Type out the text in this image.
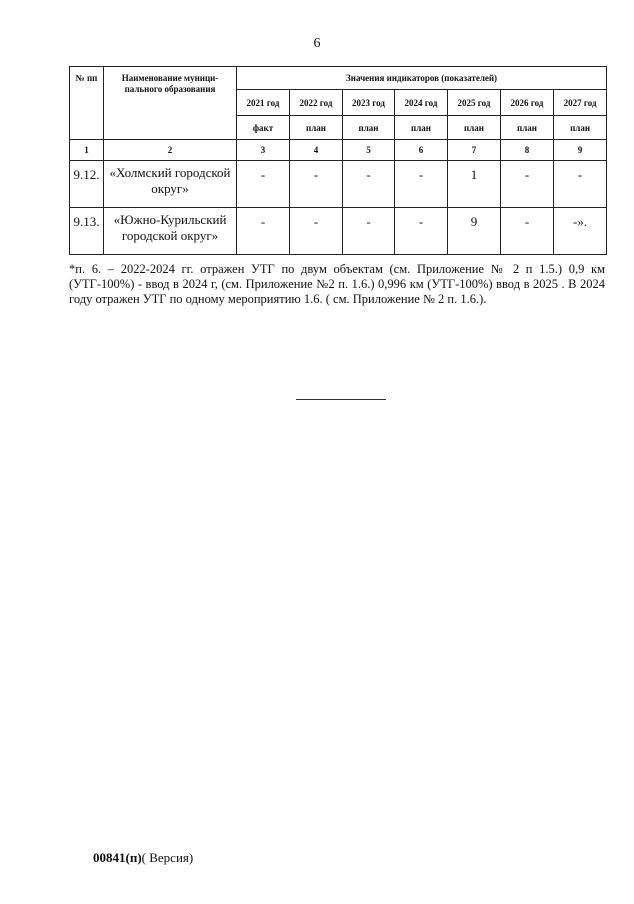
6
№ пп	Наименование муници-пального образования	Значения индикаторов (показателей)						
		2021 год	2022 год	2023 год	2024 год	2025 год	2026 год	2027 год
		факт	план	план	план	план	план	план
1	2	3	4	5	6	7	8	9
9.12.	«Холмский городской округ»	-	-	-	-	1	-	-
9.13.	«Южно-Курильский городской округ»	-	-	-	-	9	-	-».
*п. 6. – 2022-2024 гг. отражен УТГ по двум объектам (см. Приложение № 2 п 1.5.) 0,9 км (УТГ-100%) - ввод в 2024 г, (см. Приложение №2 п. 1.6.) 0,996 км (УТГ-100%) ввод в 2025 . В 2024 году отражен УТГ по одному мероприятию 1.6. ( см. Приложение № 2 п. 1.6.).
00841(п)( Версия)
